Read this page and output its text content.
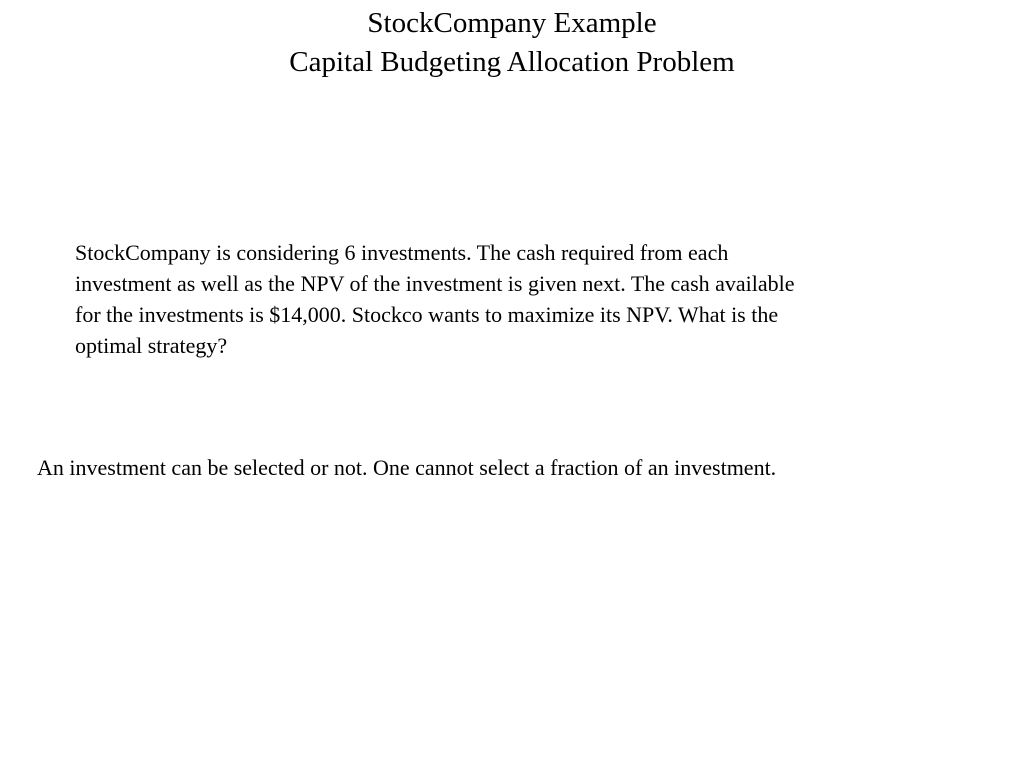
StockCompany Example
Capital Budgeting Allocation Problem
StockCompany is considering 6 investments. The cash required from each
investment as well as the NPV of the investment is given next. The cash available
for the investments is $14,000. Stockco wants to maximize its NPV. What is the
optimal strategy?
An investment can be selected or not. One cannot select a fraction of an investment.
